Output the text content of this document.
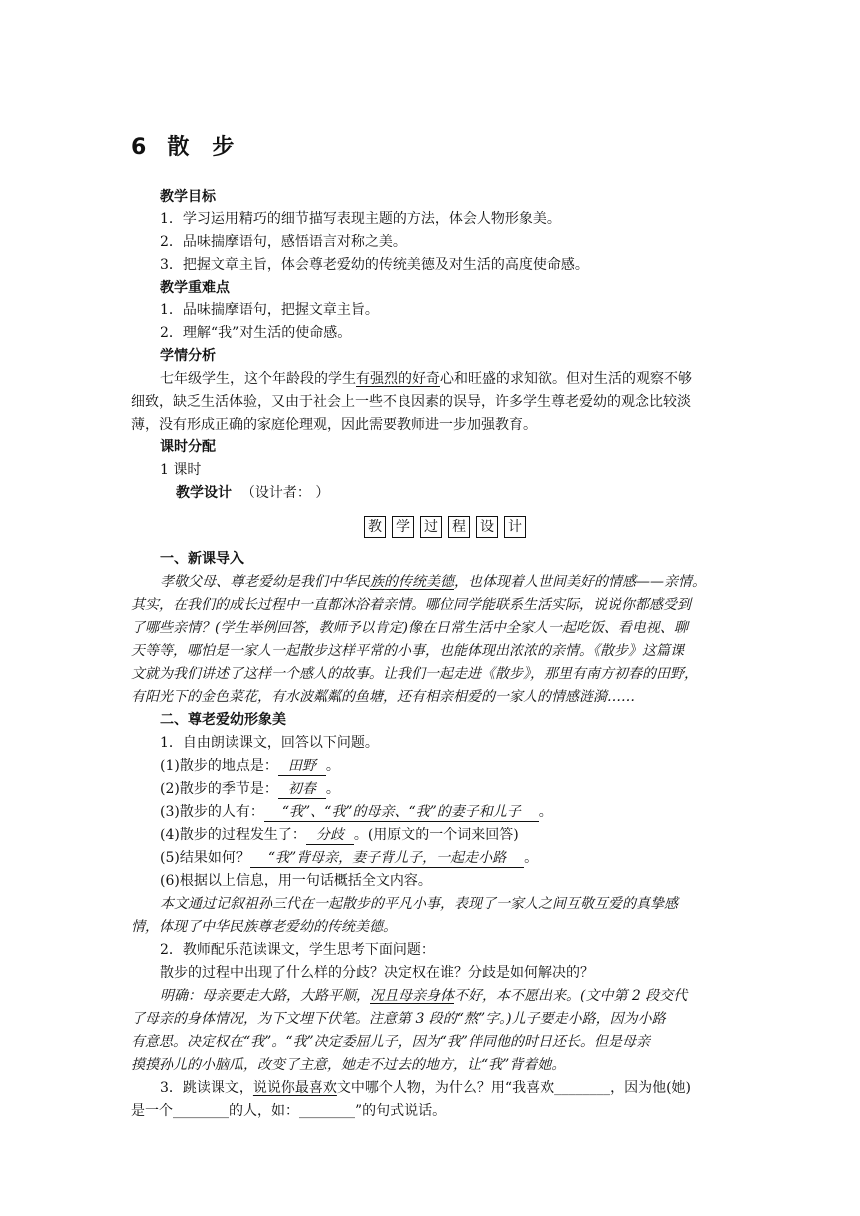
6 散 步
教学目标
1．学习运用精巧的细节描写表现主题的方法，体会人物形象美。
2．品味揣摩语句，感悟语言对称之美。
3．把握文章主旨，体会尊老爱幼的传统美德及对生活的高度使命感。
教学重难点
1．品味揣摩语句，把握文章主旨。
2．理解“我”对生活的使命感。
学情分析
七年级学生，这个年龄段的学生有强烈的好奇心和旺盛的求知欲。但对生活的观察不够
细致，缺乏生活体验，又由于社会上一些不良因素的误导，许多学生尊老爱幼的观念比较淡
薄，没有形成正确的家庭伦理观，因此需要教师进一步加强教育。
课时分配
1 课时
教学设计 （设计者： ）
教 学 过 程 设 计
一、新课导入
孝敬父母、尊老爱幼是我们中华民族的传统美德，也体现着人世间美好的情感——亲情。
其实，在我们的成长过程中一直都沐浴着亲情。哪位同学能联系生活实际，说说你都感受到
了哪些亲情？(学生举例回答，教师予以肯定)像在日常生活中全家人一起吃饭、看电视、聊
天等等，哪怕是一家人一起散步这样平常的小事，也能体现出浓浓的亲情。《散步》这篇课
文就为我们讲述了这样一个感人的故事。让我们一起走进《散步》，那里有南方初春的田野，
有阳光下的金色菜花，有水波粼粼的鱼塘，还有相亲相爱的一家人的情感涟漪……
二、尊老爱幼形象美
1．自由朗读课文，回答以下问题。
(1)散步的地点是： 田野 。
(2)散步的季节是： 初春 。
(3)散步的人有： “我”、“我”的母亲、“我”的妻子和儿子 。
(4)散步的过程发生了： 分歧 。(用原文的一个词来回答)
(5)结果如何？ “我”背母亲，妻子背儿子，一起走小路 。
(6)根据以上信息，用一句话概括全文内容。
本文通过记叙祖孙三代在一起散步的平凡小事，表现了一家人之间互敬互爱的真挚感
情，体现了中华民族尊老爱幼的传统美德。
2．教师配乐范读课文，学生思考下面问题：
散步的过程中出现了什么样的分歧？决定权在谁？分歧是如何解决的？
明确：母亲要走大路，大路平顺，况且母亲身体不好，本不愿出来。(文中第 2 段交代
了母亲的身体情况，为下文埋下伏笔。注意第 3 段的“熬”字。)儿子要走小路，因为小路
有意思。决定权在“我”。“我”决定委屈儿子，因为“我”伴同他的时日还长。但是母亲
摸摸孙儿的小脑瓜，改变了主意，她走不过去的地方，让“我”背着她。
3．跳读课文，说说你最喜欢文中哪个人物，为什么？用“我喜欢________，因为他(她)
是一个________的人，如：________”的句式说话。
